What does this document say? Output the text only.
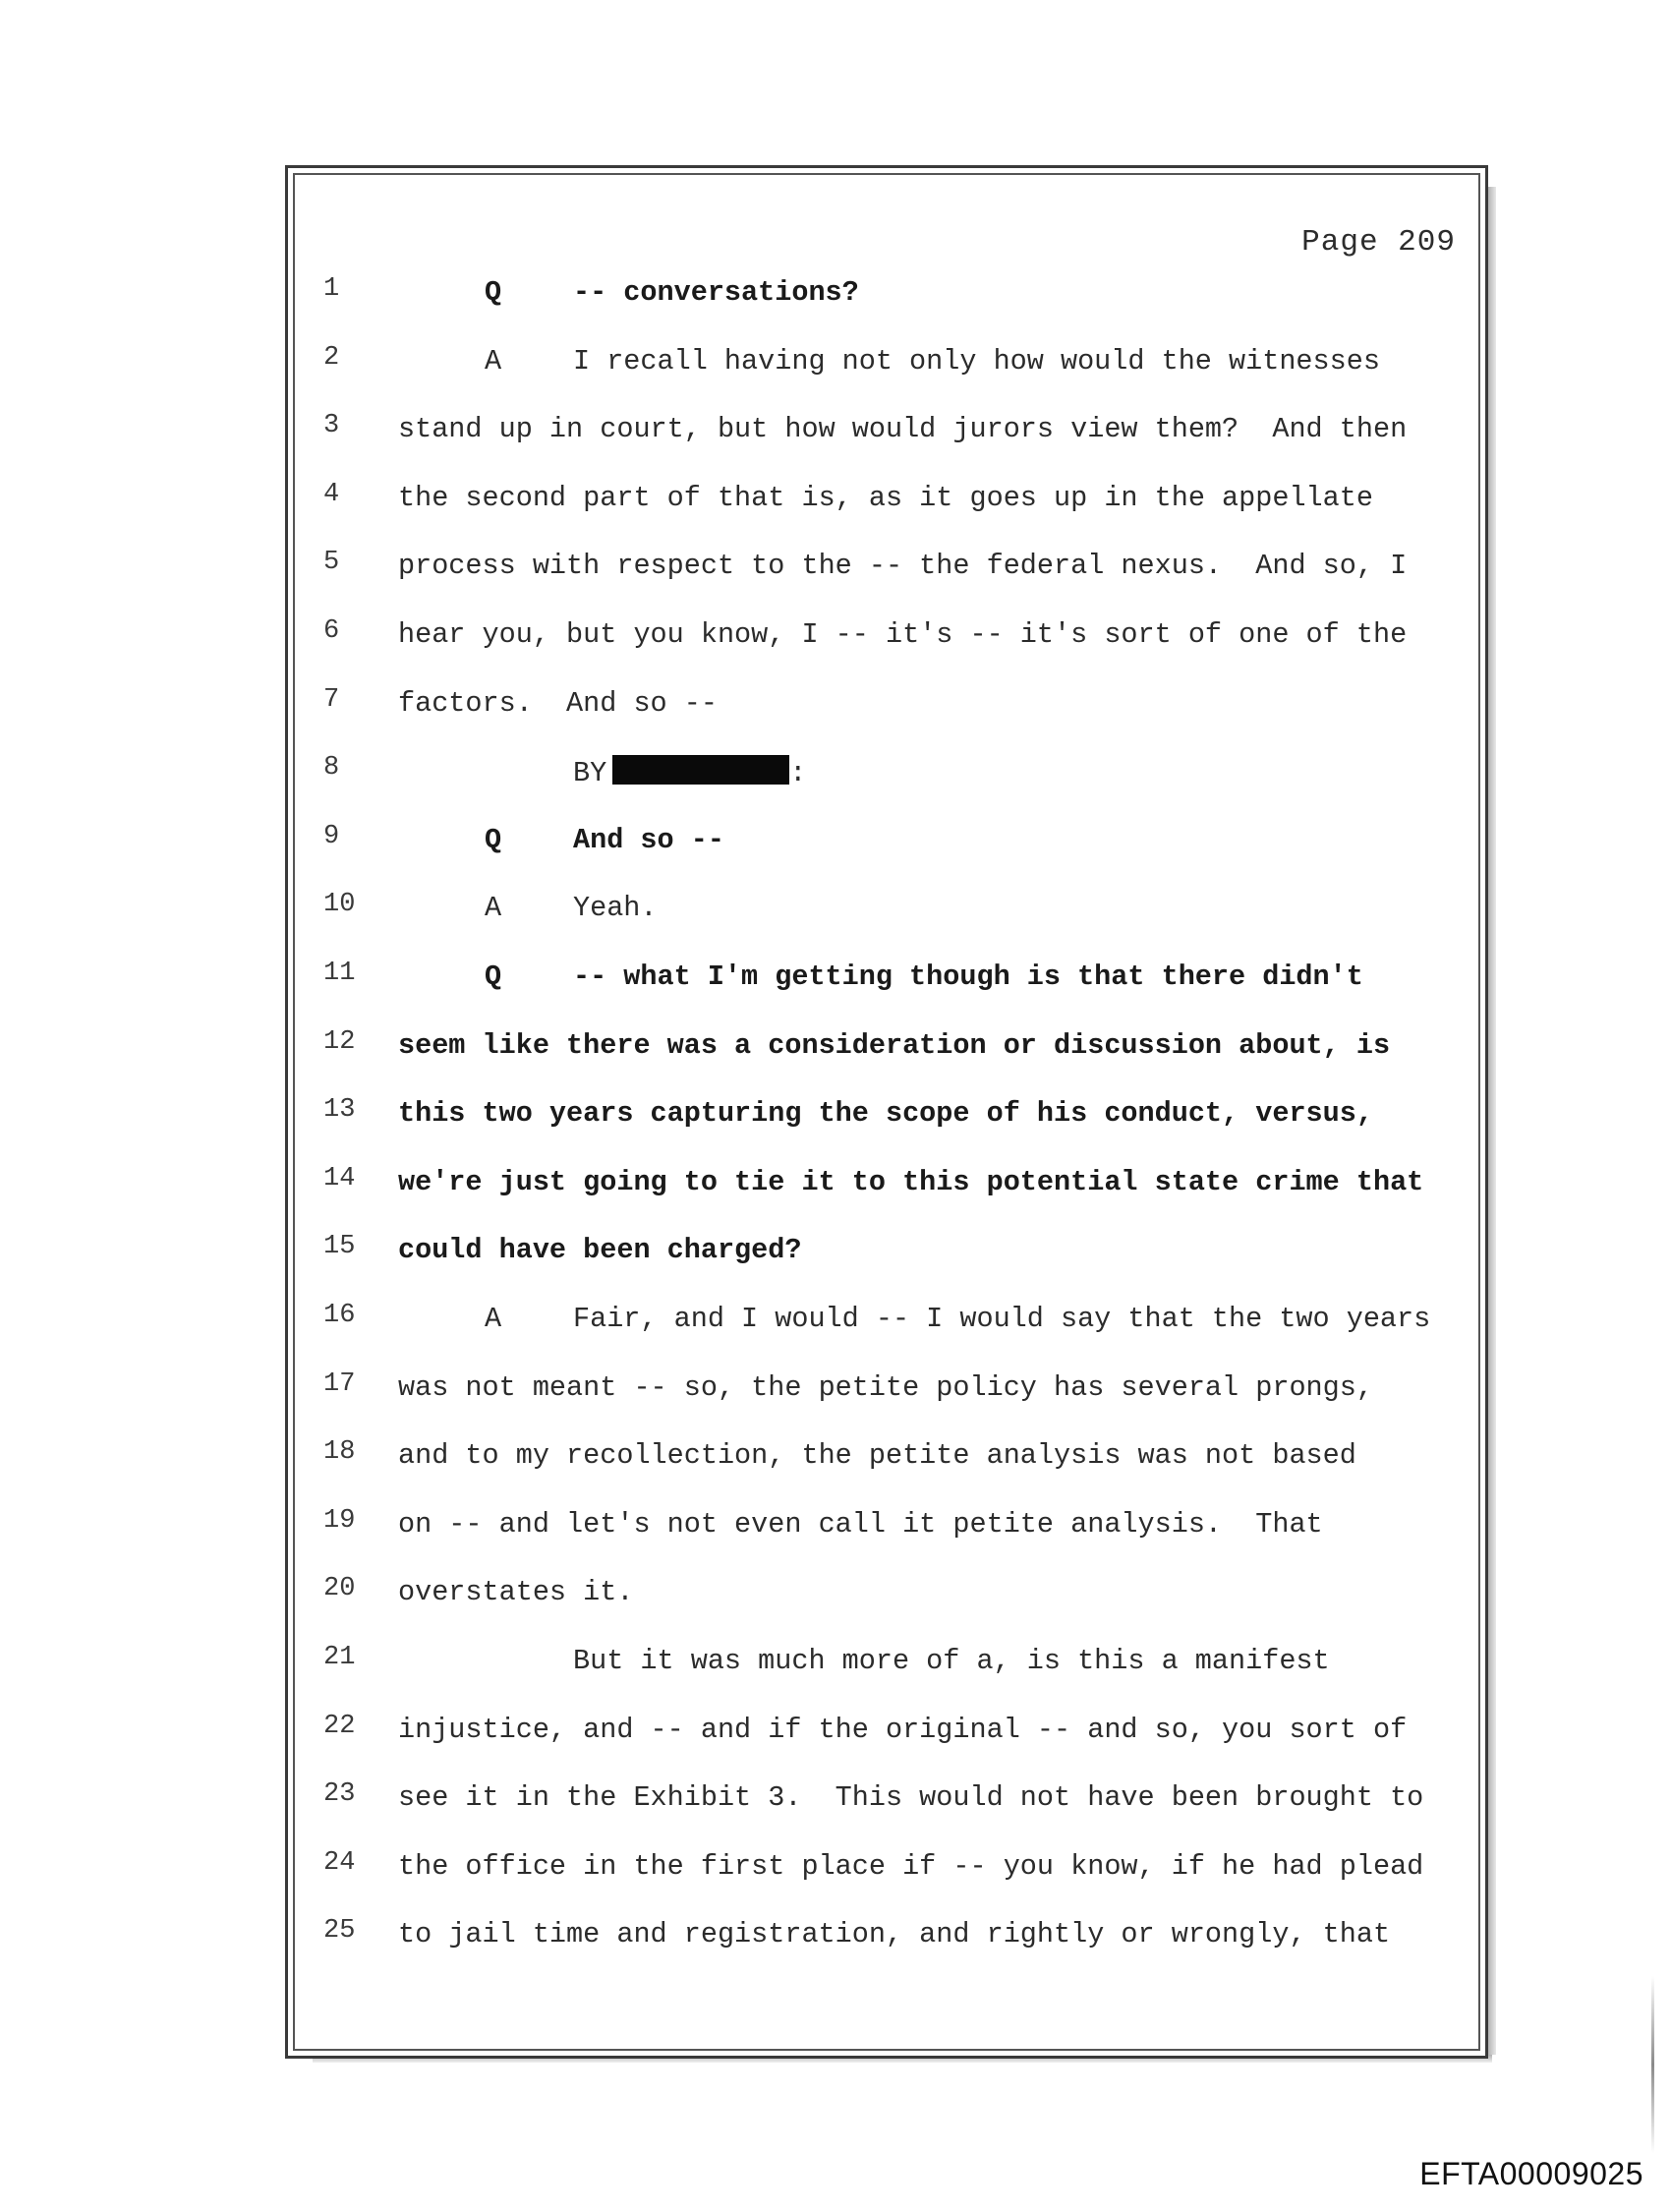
Page 209
1	Q	-- conversations?
2	A	I recall having not only how would the witnesses
3	stand up in court, but how would jurors view them?  And then
4	the second part of that is, as it goes up in the appellate
5	process with respect to the -- the federal nexus.  And so, I
6	hear you, but you know, I -- it's -- it's sort of one of the
7	factors.  And so --
8	BY	:
9	Q	And so --
10	A	Yeah.
11	Q	-- what I'm getting though is that there didn't
12	seem like there was a consideration or discussion about, is
13	this two years capturing the scope of his conduct, versus,
14	we're just going to tie it to this potential state crime that
15	could have been charged?
16	A	Fair, and I would -- I would say that the two years
17	was not meant -- so, the petite policy has several prongs,
18	and to my recollection, the petite analysis was not based
19	on -- and let's not even call it petite analysis.  That
20	overstates it.
21	But it was much more of a, is this a manifest
22	injustice, and -- and if the original -- and so, you sort of
23	see it in the Exhibit 3.  This would not have been brought to
24	the office in the first place if -- you know, if he had plead
25	to jail time and registration, and rightly or wrongly, that
EFTA00009025
